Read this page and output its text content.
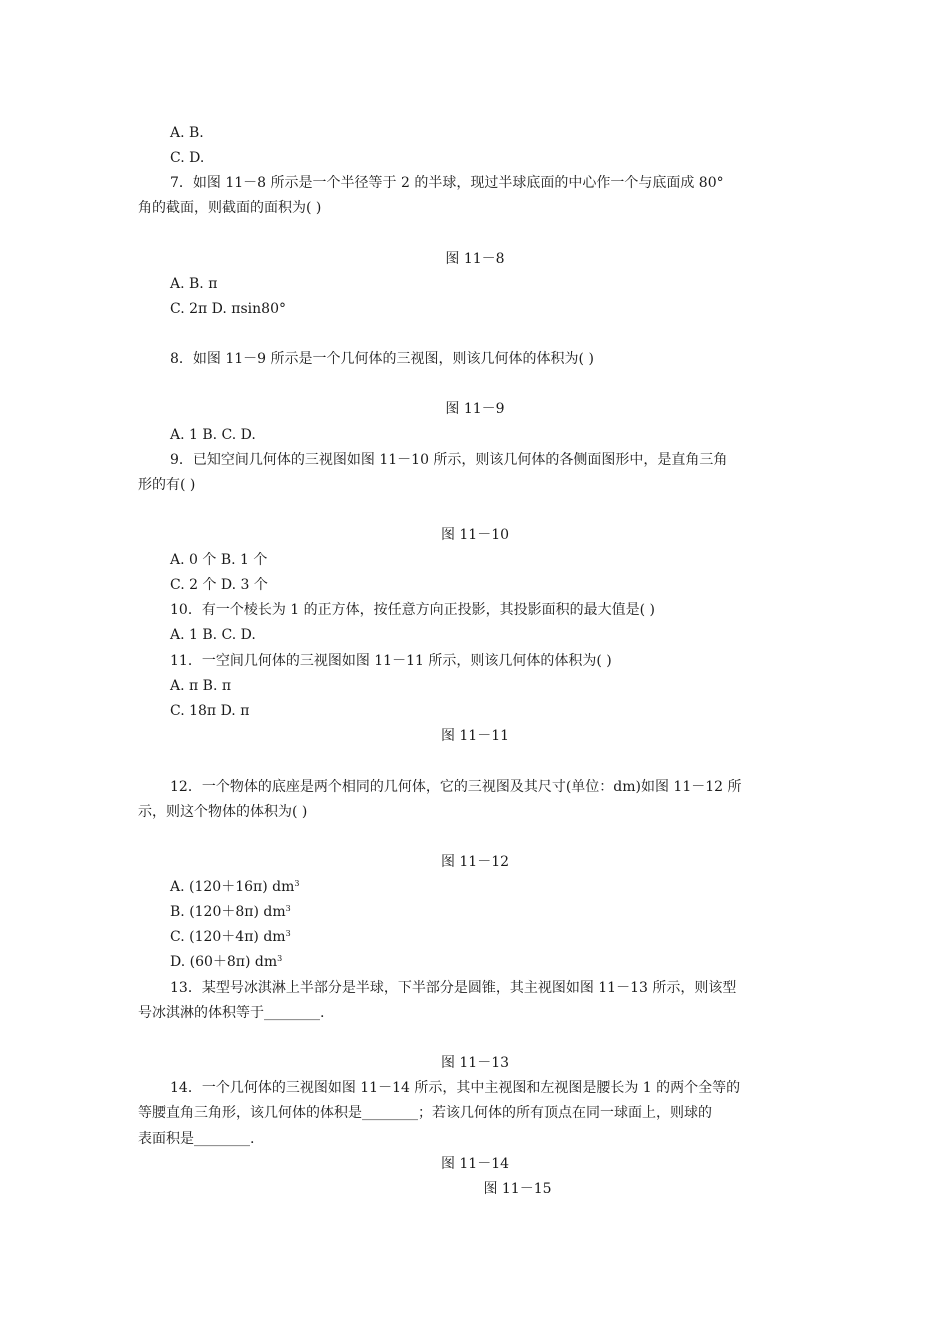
A. B.
C. D.
7．如图 11－8 所示是一个半径等于 2 的半球，现过半球底面的中心作一个与底面成 80°
角的截面，则截面的面积为( )
图 11－8
A. B. π
C. 2π D. πsin80°
8．如图 11－9 所示是一个几何体的三视图，则该几何体的体积为( )
图 11－9
A. 1 B. C. D.
9．已知空间几何体的三视图如图 11－10 所示，则该几何体的各侧面图形中，是直角三角
形的有( )
图 11－10
A. 0 个 B. 1 个
C. 2 个 D. 3 个
10．有一个棱长为 1 的正方体，按任意方向正投影，其投影面积的最大值是( )
A. 1 B. C. D.
11．一空间几何体的三视图如图 11－11 所示，则该几何体的体积为( )
A. π B. π
C. 18π D. π
图 11－11
12．一个物体的底座是两个相同的几何体，它的三视图及其尺寸(单位：dm)如图 11－12 所
示，则这个物体的体积为( )
图 11－12
A. (120＋16π) $dm^3$
B. (120＋8π) $dm^3$
C. (120＋4π) $dm^3$
D. (60＋8π) $dm^3$
13．某型号冰淇淋上半部分是半球，下半部分是圆锥，其主视图如图 11－13 所示，则该型
号冰淇淋的体积等于________.
图 11－13
14．一个几何体的三视图如图 11－14 所示，其中主视图和左视图是腰长为 1 的两个全等的
等腰直角三角形，该几何体的体积是________；若该几何体的所有顶点在同一球面上，则球的
表面积是________.
图 11－14
图 11－15
